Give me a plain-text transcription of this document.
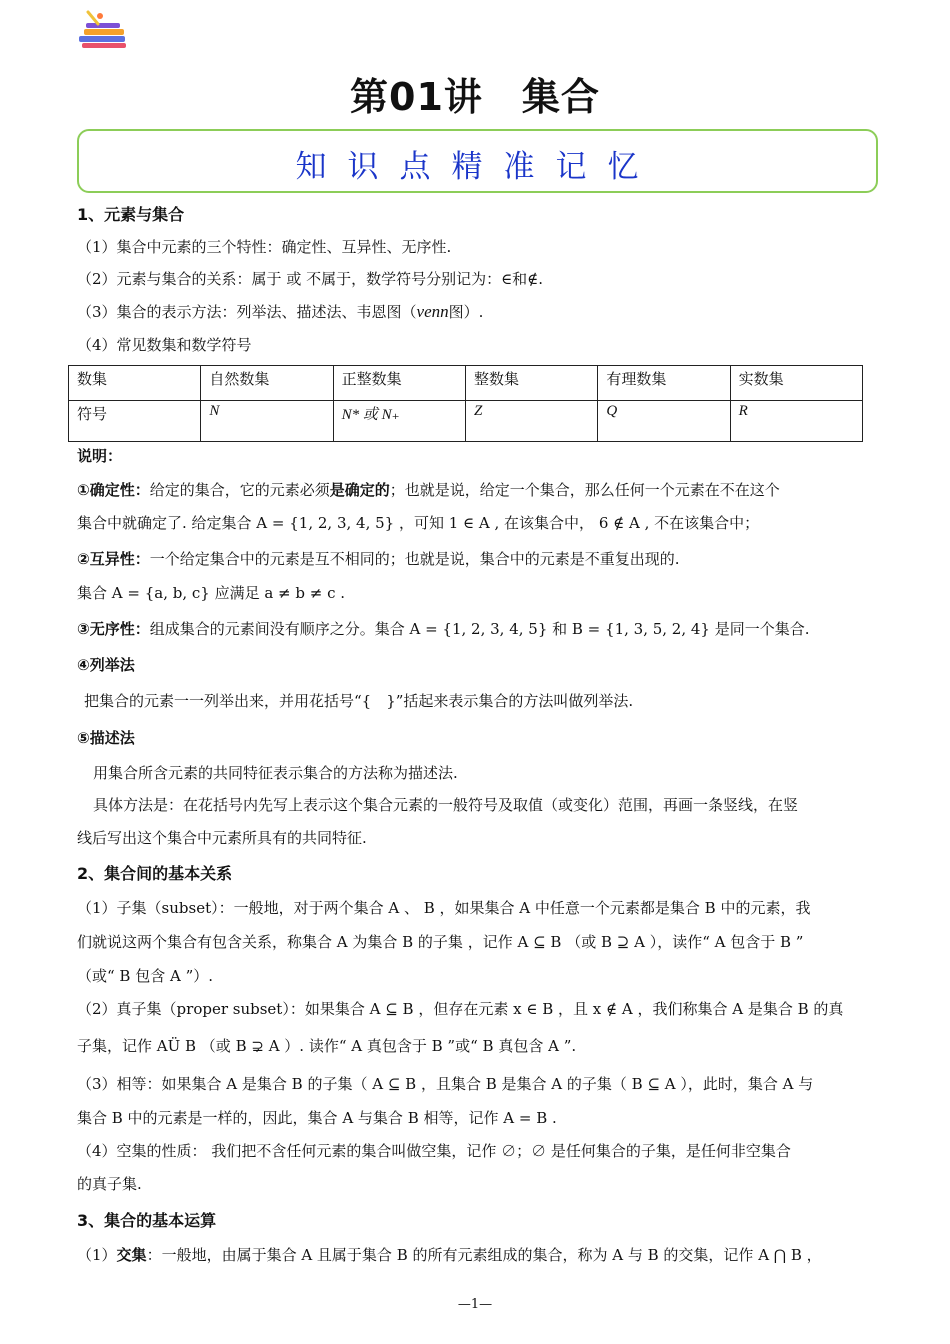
第01讲　集合
知识点精准记忆
1、元素与集合
（1）集合中元素的三个特性：确定性、互异性、无序性.
（2）元素与集合的关系：属于 或 不属于，数学符号分别记为：∈和∉.
（3）集合的表示方法：列举法、描述法、韦恩图（venn图）.
（4）常见数集和数学符号
数集	自然数集	正整数集	整数集	有理数集	实数集
符号	N	N* 或 N₊	Z	Q	R
说明：
①确定性：给定的集合，它的元素必须是确定的；也就是说，给定一个集合，那么任何一个元素在不在这个
集合中就确定了. 给定集合 A = {1, 2, 3, 4, 5} ，可知 1 ∈ A , 在该集合中， 6 ∉ A , 不在该集合中；
②互异性：一个给定集合中的元素是互不相同的；也就是说，集合中的元素是不重复出现的.
集合 A = {a, b, c} 应满足 a ≠ b ≠ c .
③无序性：组成集合的元素间没有顺序之分。集合 A = {1, 2, 3, 4, 5} 和 B = {1, 3, 5, 2, 4} 是同一个集合.
④列举法
把集合的元素一一列举出来，并用花括号“{　}”括起来表示集合的方法叫做列举法.
⑤描述法
用集合所含元素的共同特征表示集合的方法称为描述法.
具体方法是：在花括号内先写上表示这个集合元素的一般符号及取值（或变化）范围，再画一条竖线，在竖
线后写出这个集合中元素所具有的共同特征.
2、集合间的基本关系
（1）子集（subset）：一般地，对于两个集合 A 、 B ，如果集合 A 中任意一个元素都是集合 B 中的元素，我
们就说这两个集合有包含关系，称集合 A 为集合 B 的子集 ，记作 A ⊆ B （或 B ⊇ A ），读作“ A 包含于 B ”
（或“ B 包含 A ”）.
（2）真子集（proper subset）：如果集合 A ⊆ B ，但存在元素 x ∈ B ，且 x ∉ A ，我们称集合 A 是集合 B 的真
子集，记作 AÜ B （或 B ⊋ A ）. 读作“ A 真包含于 B ”或“ B 真包含 A ”.
（3）相等：如果集合 A 是集合 B 的子集（ A ⊆ B ，且集合 B 是集合 A 的子集（ B ⊆ A ），此时，集合 A 与
集合 B 中的元素是一样的，因此，集合 A 与集合 B 相等，记作 A = B .
（4）空集的性质： 我们把不含任何元素的集合叫做空集，记作 ∅；∅ 是任何集合的子集，是任何非空集合
的真子集.
3、集合的基本运算
（1）交集：一般地，由属于集合 A 且属于集合 B 的所有元素组成的集合，称为 A 与 B 的交集，记作 A ⋂ B ，
—1—
